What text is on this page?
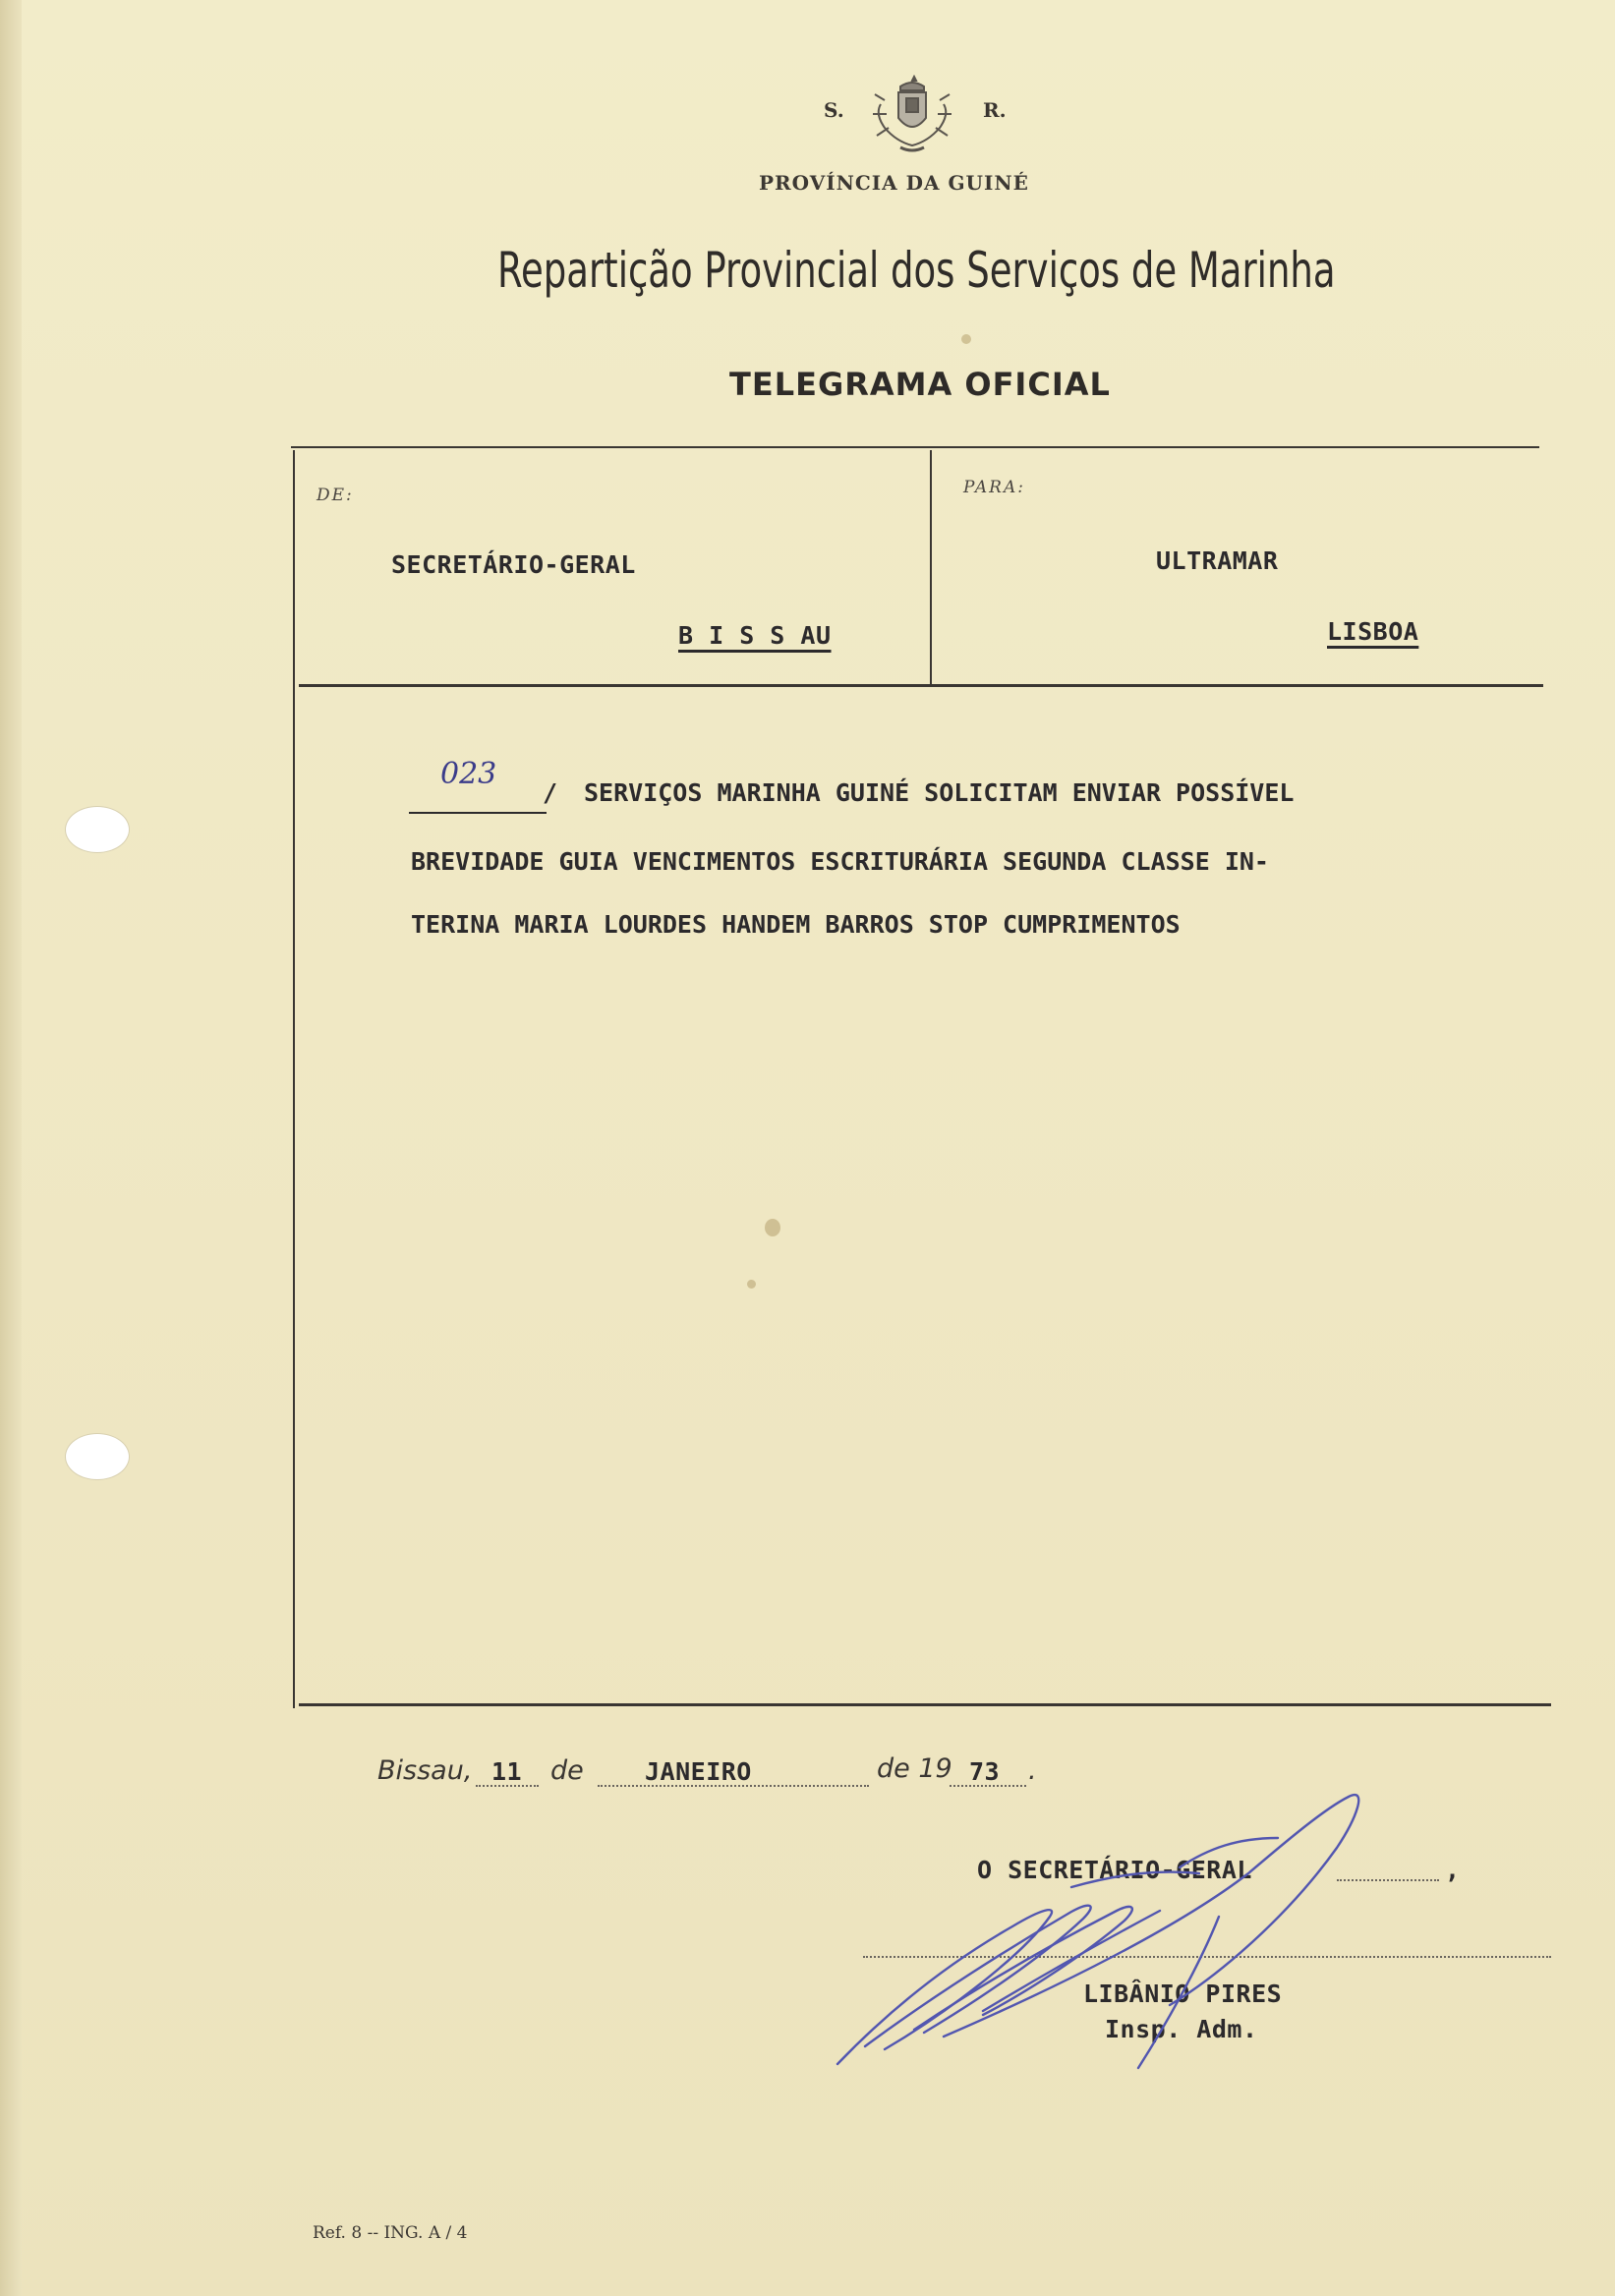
S.	R.
PROVÍNCIA DA GUINÉ
Repartição Provincial dos Serviços de Marinha
TELEGRAMA OFICIAL
DE:
SECRETÁRIO-GERAL
B I S S AU
PARA:
ULTRAMAR
LISBOA
023
/ SERVIÇOS MARINHA GUINÉ SOLICITAM ENVIAR POSSÍVEL
BREVIDADE GUIA VENCIMENTOS ESCRITURÁRIA SEGUNDA CLASSE IN-
TERINA MARIA LOURDES HANDEM BARROS STOP CUMPRIMENTOS
Bissau, 11 de JANEIRO	de 19 73 .
O SECRETÁRIO-GERAL	,
LIBÂNIO PIRES
Insp. Adm.
Ref. 8 -- ING. A / 4
